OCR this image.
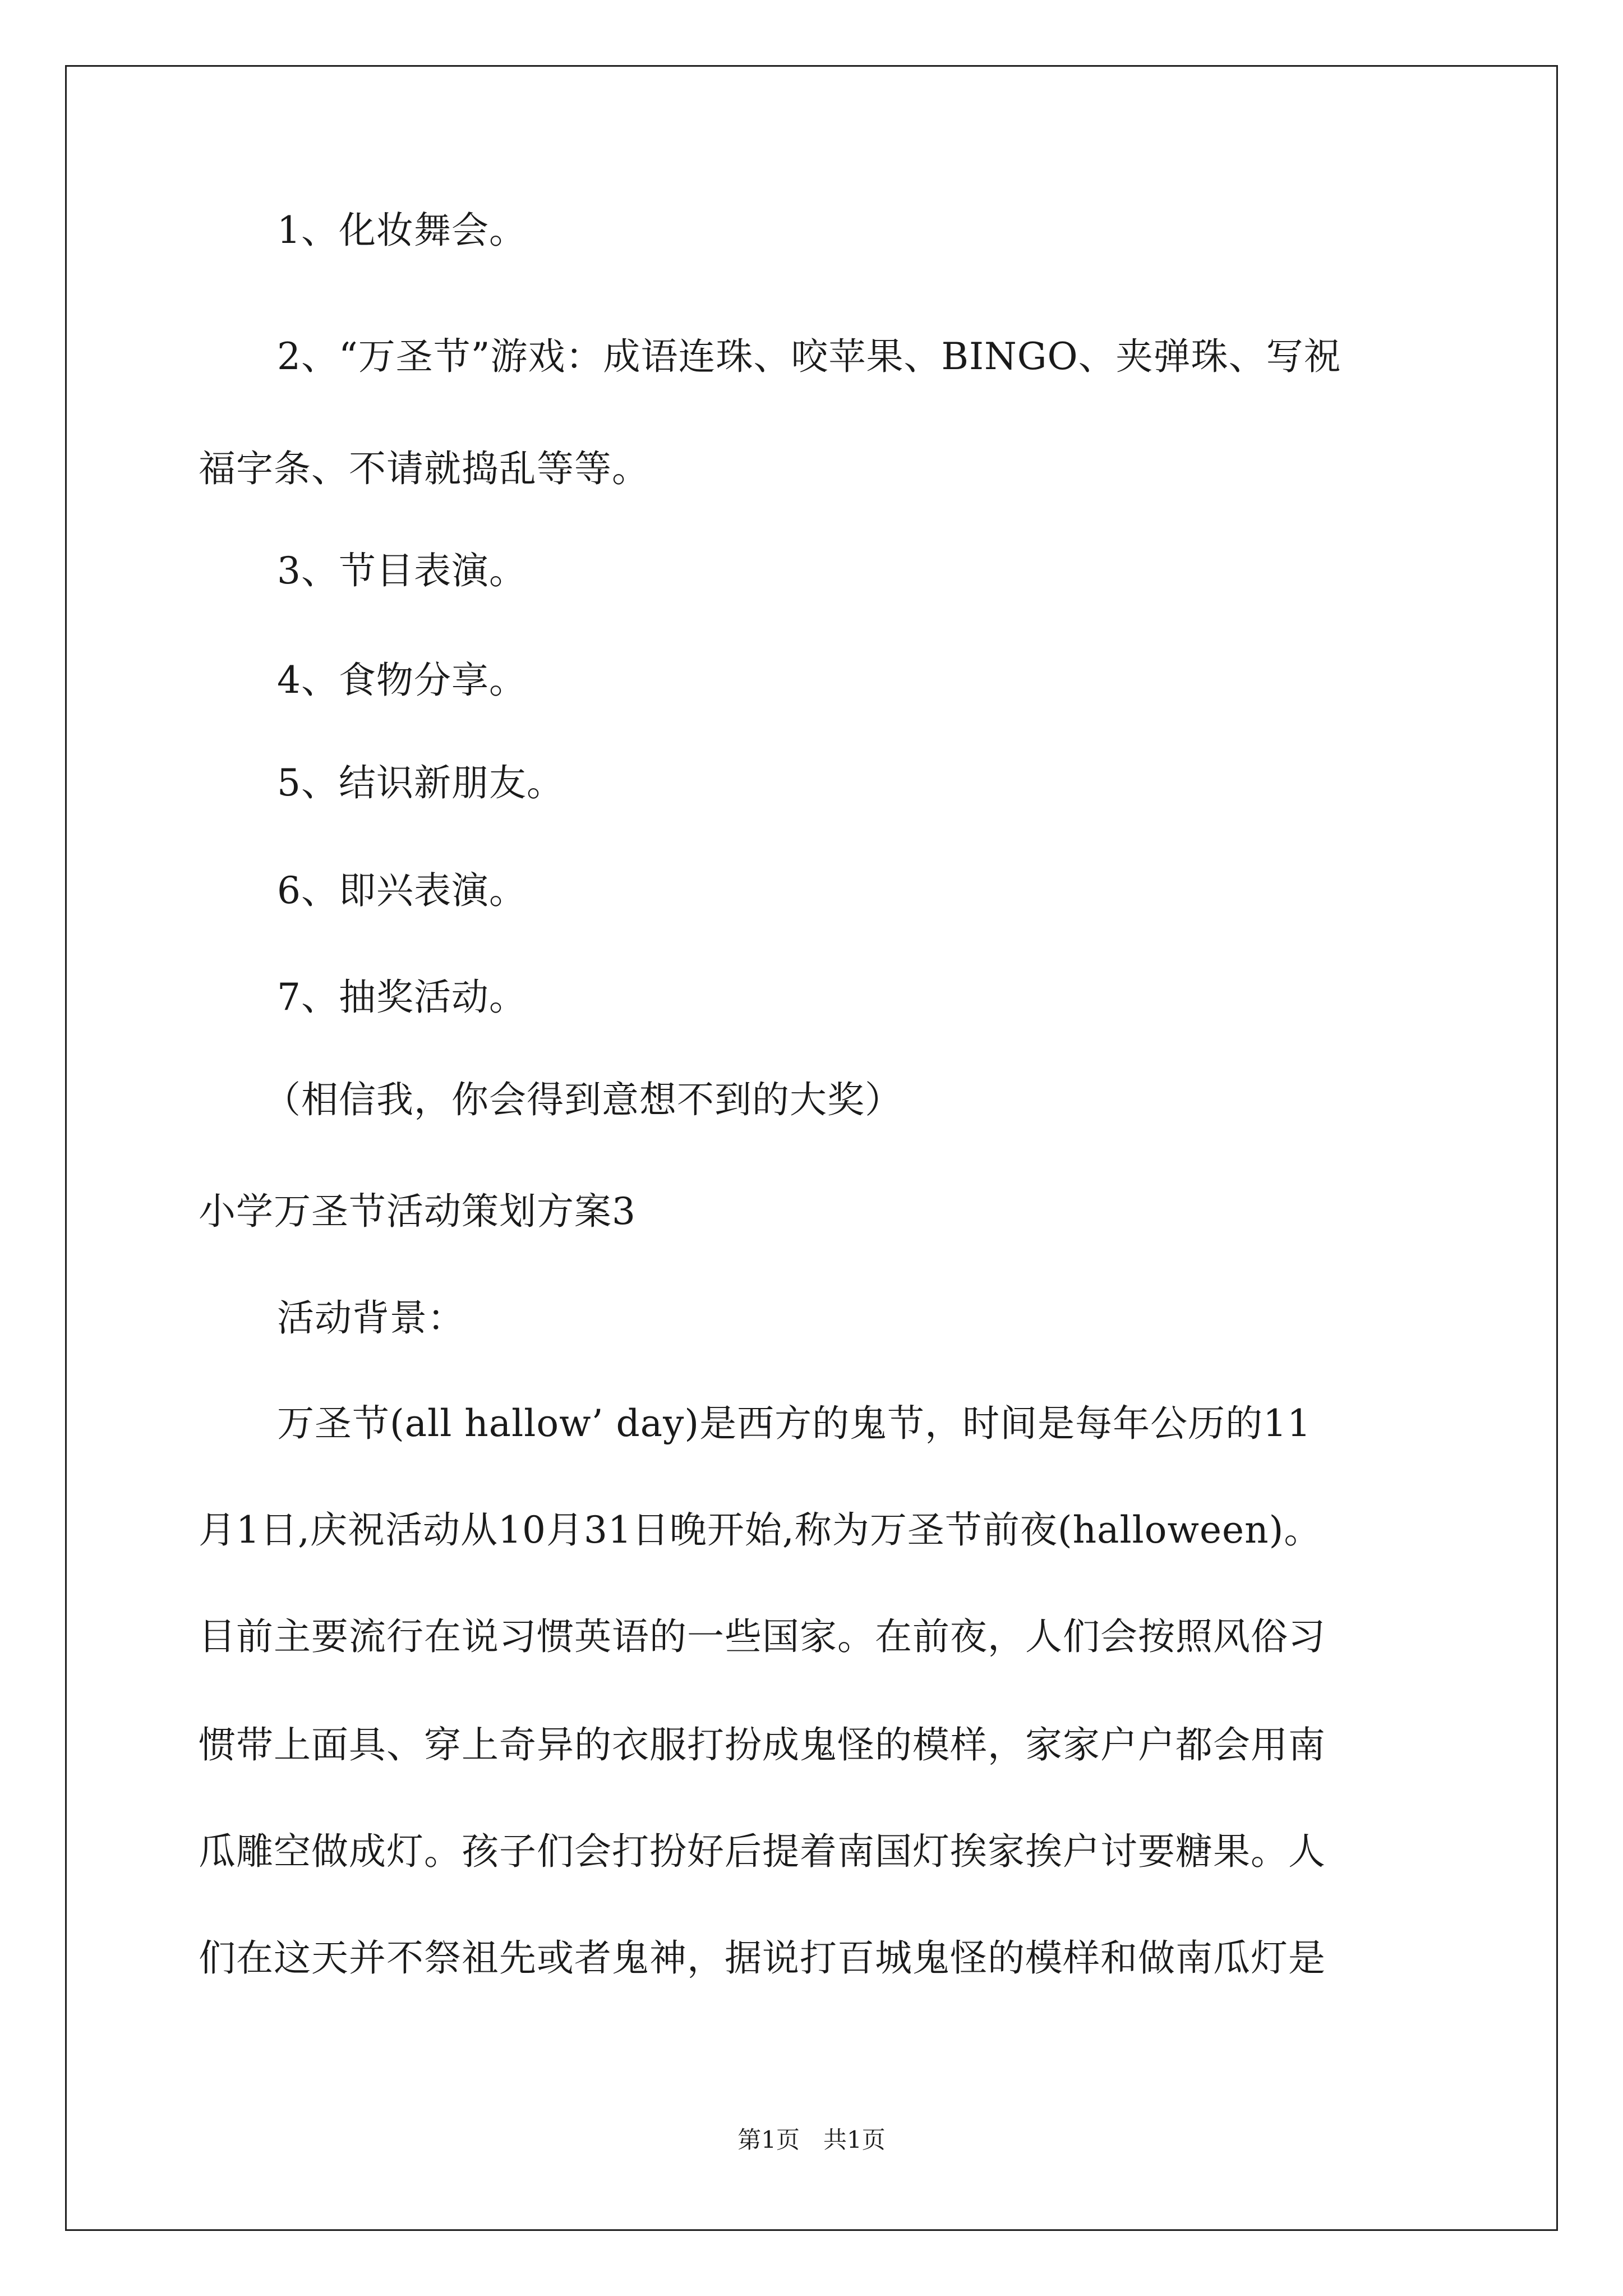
1、化妆舞会。
2、“万圣节”游戏：成语连珠、咬苹果、BINGO、夹弹珠、写祝
福字条、不请就捣乱等等。
3、节目表演。
4、食物分享。
5、结识新朋友。
6、即兴表演。
7、抽奖活动。
（相信我，你会得到意想不到的大奖）
小学万圣节活动策划方案3
活动背景：
万圣节(all hallow’ day)是西方的鬼节，时间是每年公历的11
月1日,庆祝活动从10月31日晚开始,称为万圣节前夜(halloween)。
目前主要流行在说习惯英语的一些国家。在前夜，人们会按照风俗习
惯带上面具、穿上奇异的衣服打扮成鬼怪的模样，家家户户都会用南
瓜雕空做成灯。孩子们会打扮好后提着南国灯挨家挨户讨要糖果。人
们在这天并不祭祖先或者鬼神，据说打百城鬼怪的模样和做南瓜灯是
第1页　共1页
